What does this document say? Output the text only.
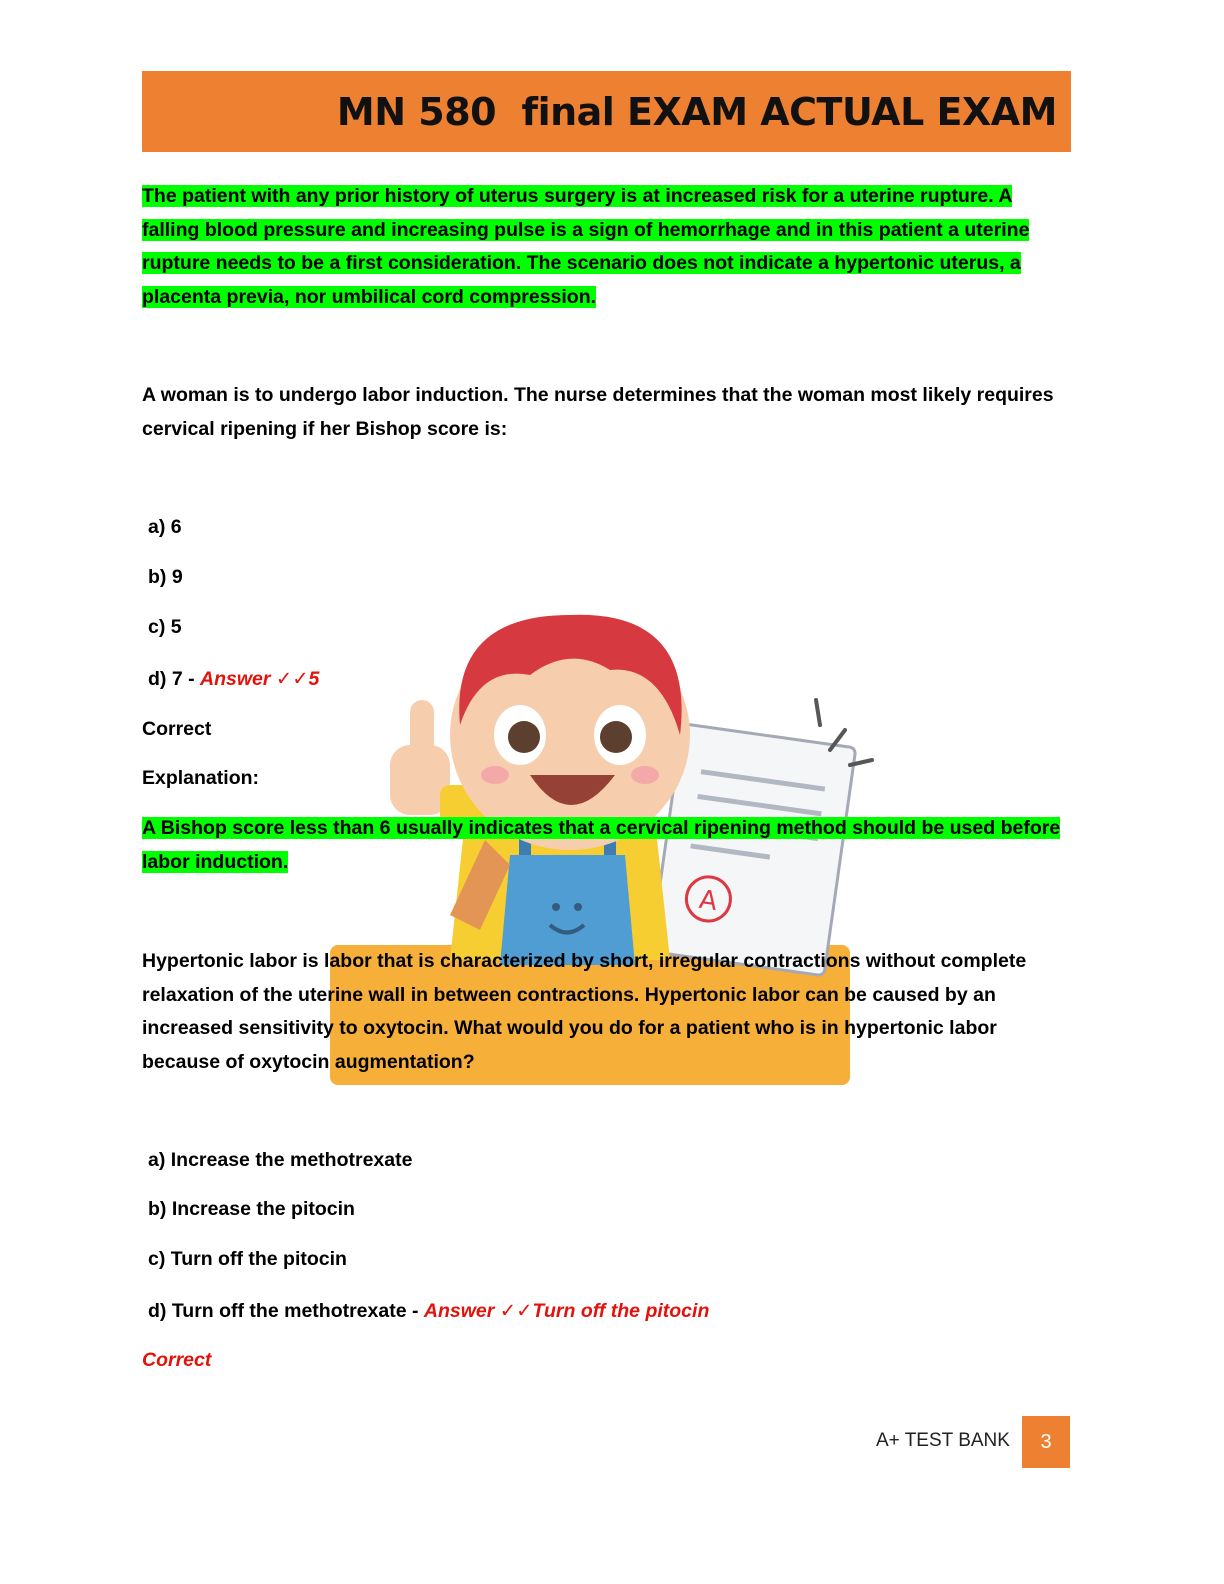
MN 580  final EXAM ACTUAL EXAM

The patient with any prior history of uterus surgery is at increased risk for a uterine rupture. A falling blood pressure and increasing pulse is a sign of hemorrhage and in this patient a uterine rupture needs to be a first consideration. The scenario does not indicate a hypertonic uterus, a placenta previa, nor umbilical cord compression.

A woman is to undergo labor induction. The nurse determines that the woman most likely requires cervical ripening if her Bishop score is:

A

a) 6

b) 9

c) 5

d) 7 - Answer ✓✓5

Correct

Explanation:

A Bishop score less than 6 usually indicates that a cervical ripening method should be used before labor induction.

Hypertonic labor is labor that is characterized by short, irregular contractions without complete relaxation of the uterine wall in between contractions. Hypertonic labor can be caused by an increased sensitivity to oxytocin. What would you do for a patient who is in hypertonic labor because of oxytocin augmentation?

a) Increase the methotrexate

b) Increase the pitocin

c) Turn off the pitocin

d) Turn off the methotrexate - Answer ✓✓Turn off the pitocin

Correct

A+ TEST BANK	3
